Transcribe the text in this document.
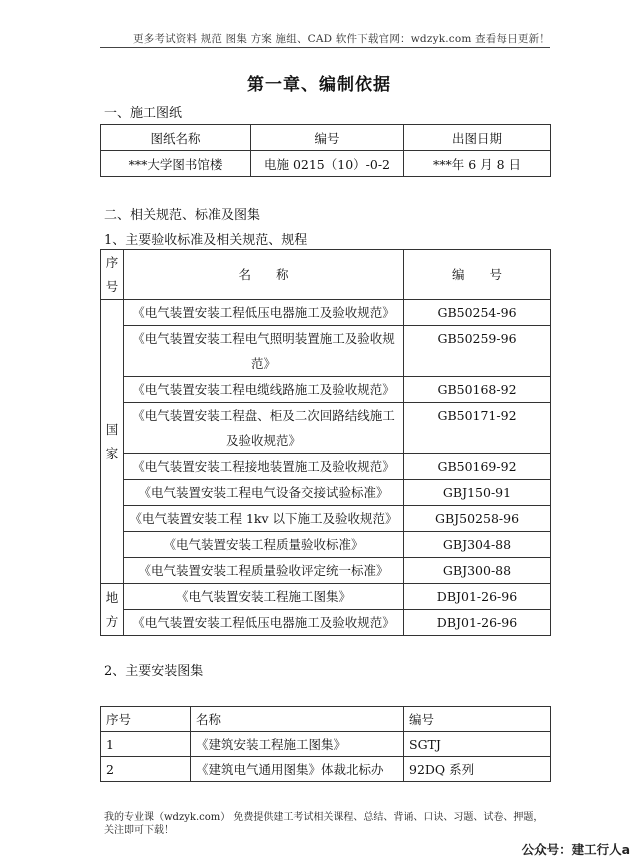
更多考试资料 规范 图集 方案 施组、CAD 软件下载官网：wdzyk.com 查看每日更新！
第一章、编制依据
一、施工图纸
图纸名称	编号	出图日期
***大学图书馆楼	电施 0215（10）-0-2	***年 6 月 8 日
二、相关规范、标准及图集
1、主要验收标准及相关规范、规程
序号	名　　称	编　　号
国家	《电气装置安装工程低压电器施工及验收规范》	GB50254-96
	《电气装置安装工程电气照明装置施工及验收规范》	GB50259-96
	《电气装置安装工程电缆线路施工及验收规范》	GB50168-92
	《电气装置安装工程盘、柜及二次回路结线施工及验收规范》	GB50171-92
	《电气装置安装工程接地装置施工及验收规范》	GB50169-92
	《电气装置安装工程电气设备交接试验标准》	GBJ150-91
	《电气装置安装工程 1kv 以下施工及验收规范》	GBJ50258-96
	《电气装置安装工程质量验收标准》	GBJ304-88
	《电气装置安装工程质量验收评定统一标准》	GBJ300-88
地方	《电气装置安装工程施工图集》	DBJ01-26-96
	《电气装置安装工程低压电器施工及验收规范》	DBJ01-26-96
2、主要安装图集
序号	名称	编号
1	《建筑安装工程施工图集》	SGTJ
2	《建筑电气通用图集》体裁北标办	92DQ 系列
我的专业课（wdzyk.com） 免费提供建工考试相关课程、总结、背诵、口诀、习题、试卷、押题，关注即可下载！
公众号：建工行人a
